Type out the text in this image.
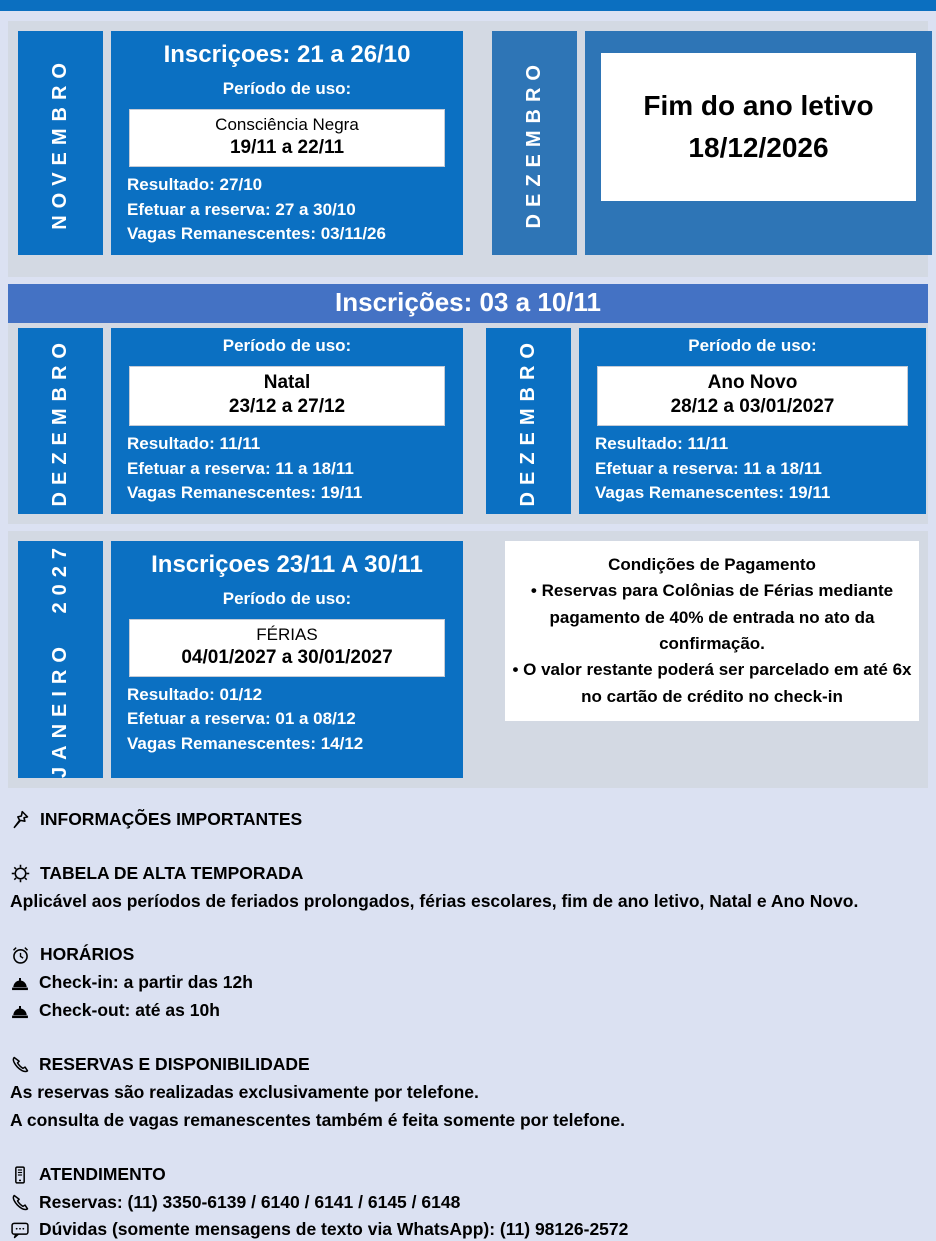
NOVEMBRO
Inscriçoes: 21 a 26/10
Período de uso:
Consciência Negra
19/11 a 22/11
Resultado: 27/10
Efetuar a reserva: 27 a 30/10
Vagas Remanescentes: 03/11/26
DEZEMBRO	Fim do ano letivo
18/12/2026
Inscrições: 03 a 10/11
DEZEMBRO	Período de uso:
Natal
23/12 a 27/12
Resultado: 11/11
Efetuar a reserva: 11 a 18/11
Vagas Remanescentes: 19/11	DEZEMBRO	Período de uso:
Ano Novo
28/12 a 03/01/2027
Resultado: 11/11
Efetuar a reserva: 11 a 18/11
Vagas Remanescentes: 19/11
JANEIRO 2027	Inscriçoes 23/11 A 30/11
Período de uso:
FÉRIAS
04/01/2027 a 30/01/2027
Resultado: 01/12
Efetuar a reserva: 01 a 08/12
Vagas Remanescentes: 14/12
Condições de Pagamento
• Reservas para Colônias de Férias mediante pagamento de 40% de entrada no ato da confirmação.
• O valor restante poderá ser parcelado em até 6x no cartão de crédito no check-in
INFORMAÇÕES IMPORTANTES
TABELA DE ALTA TEMPORADA
Aplicável aos períodos de feriados prolongados, férias escolares, fim de ano letivo, Natal e Ano Novo.
HORÁRIOS
Check-in: a partir das 12h
Check-out: até as 10h
RESERVAS E DISPONIBILIDADE
As reservas são realizadas exclusivamente por telefone.
A consulta de vagas remanescentes também é feita somente por telefone.
ATENDIMENTO
Reservas: (11) 3350-6139 / 6140 / 6141 / 6145 / 6148
Dúvidas (somente mensagens de texto via WhatsApp): (11) 98126-2572
